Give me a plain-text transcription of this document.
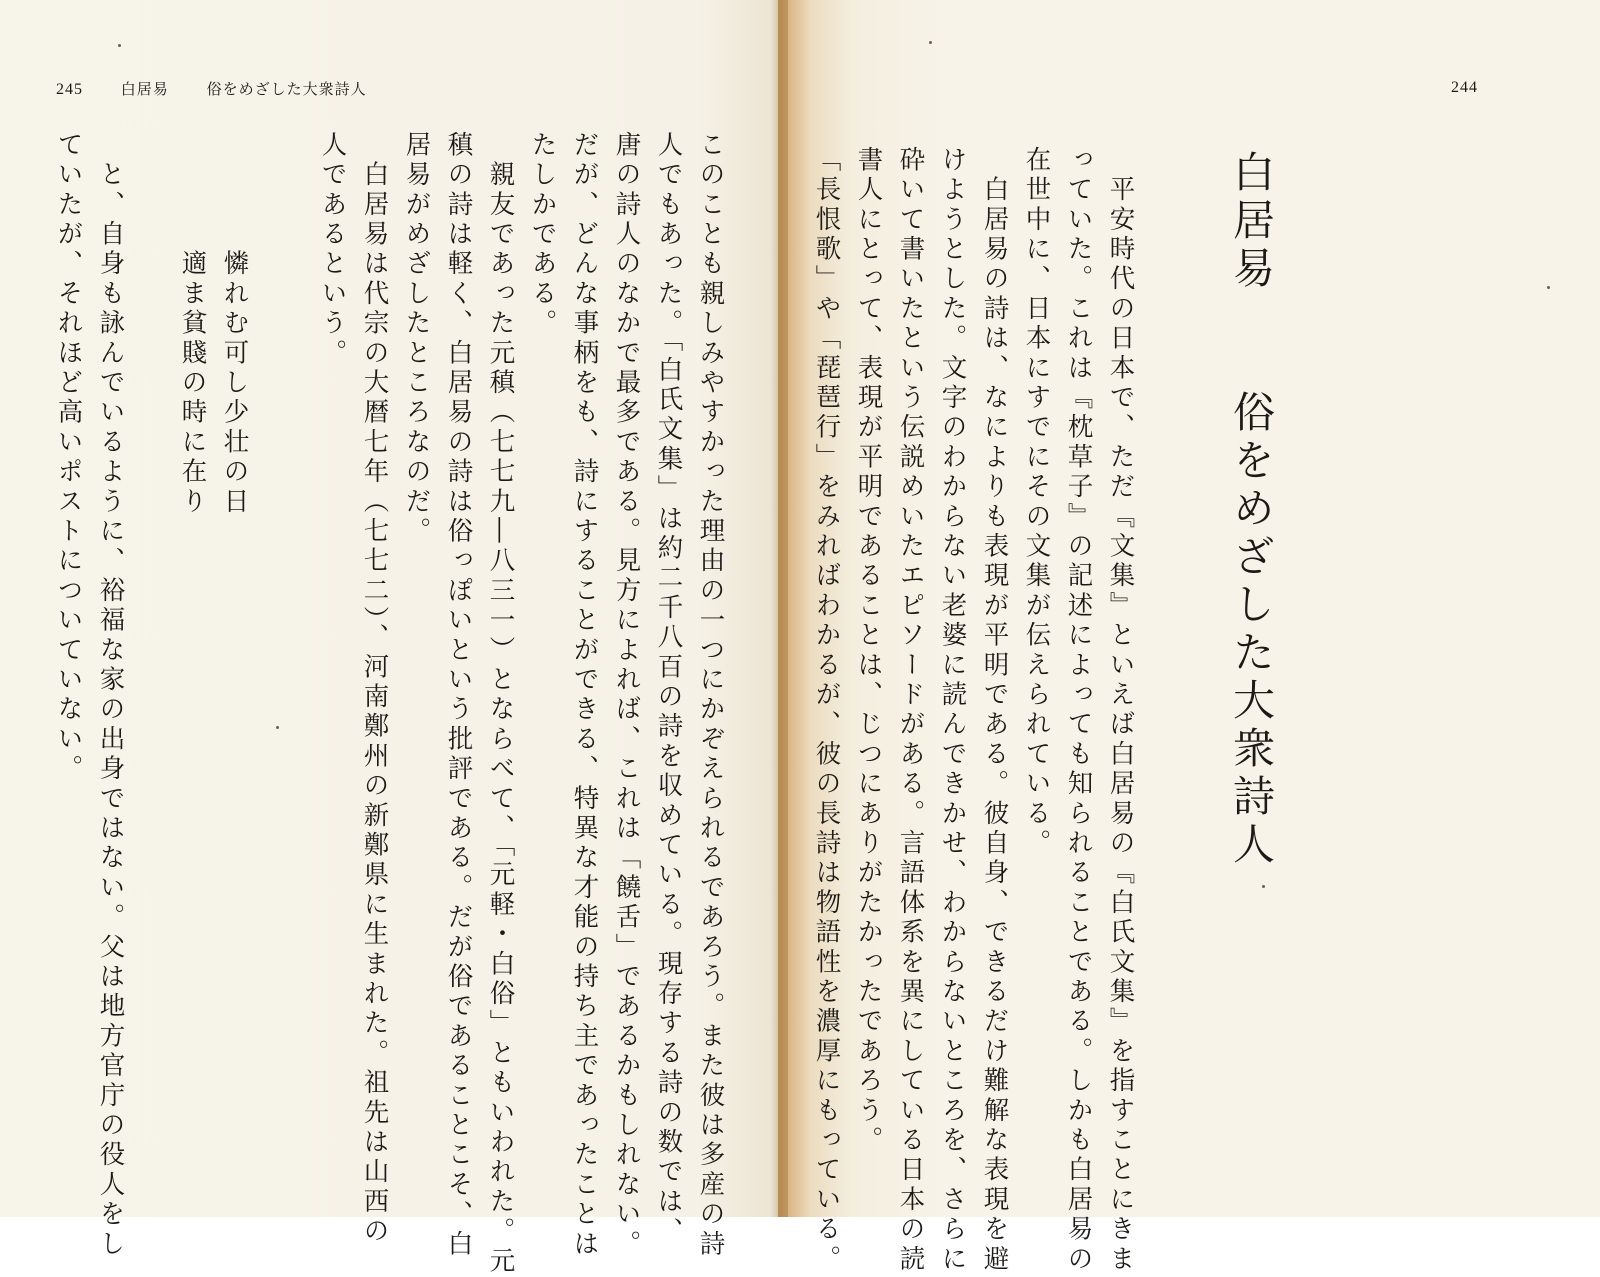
245	白居易	俗をめざした大衆詩人
このことも親しみやすかった理由の一つにかぞえられるであろう。また彼は多産の詩
人でもあった。「白氏文集」は約二千八百の詩を収めている。現存する詩の数では、
唐の詩人のなかで最多である。見方によれば、これは「饒舌」であるかもしれない。
だが、どんな事柄をも、詩にすることができる、特異な才能の持ち主であったことは
たしかである。
　親友であった元稹（七七九―八三一）とならべて、「元軽・白俗」ともいわれた。元
稹の詩は軽く、白居易の詩は俗っぽいという批評である。だが俗であることこそ、白
居易がめざしたところなのだ。
　白居易は代宗の大暦七年（七七二）、河南鄭州の新鄭県に生まれた。祖先は山西の
人であるという。
　　　　憐れむ可し少壮の日
　　　　適ま貧賤の時に在り
　と、自身も詠んでいるように、裕福な家の出身ではない。父は地方官庁の役人をし
ていたが、それほど高いポストについていない。
244
白居易　　俗をめざした大衆詩人
　平安時代の日本で、ただ『文集』といえば白居易の『白氏文集』を指すことにきま
っていた。これは『枕草子』の記述によっても知られることである。しかも白居易の
在世中に、日本にすでにその文集が伝えられている。
　白居易の詩は、なによりも表現が平明である。彼自身、できるだけ難解な表現を避
けようとした。文字のわからない老婆に読んできかせ、わからないところを、さらに
砕いて書いたという伝説めいたエピソードがある。言語体系を異にしている日本の読
書人にとって、表現が平明であることは、じつにありがたかったであろう。
「長恨歌」や「琵琶行」をみればわかるが、彼の長詩は物語性を濃厚にもっている。
